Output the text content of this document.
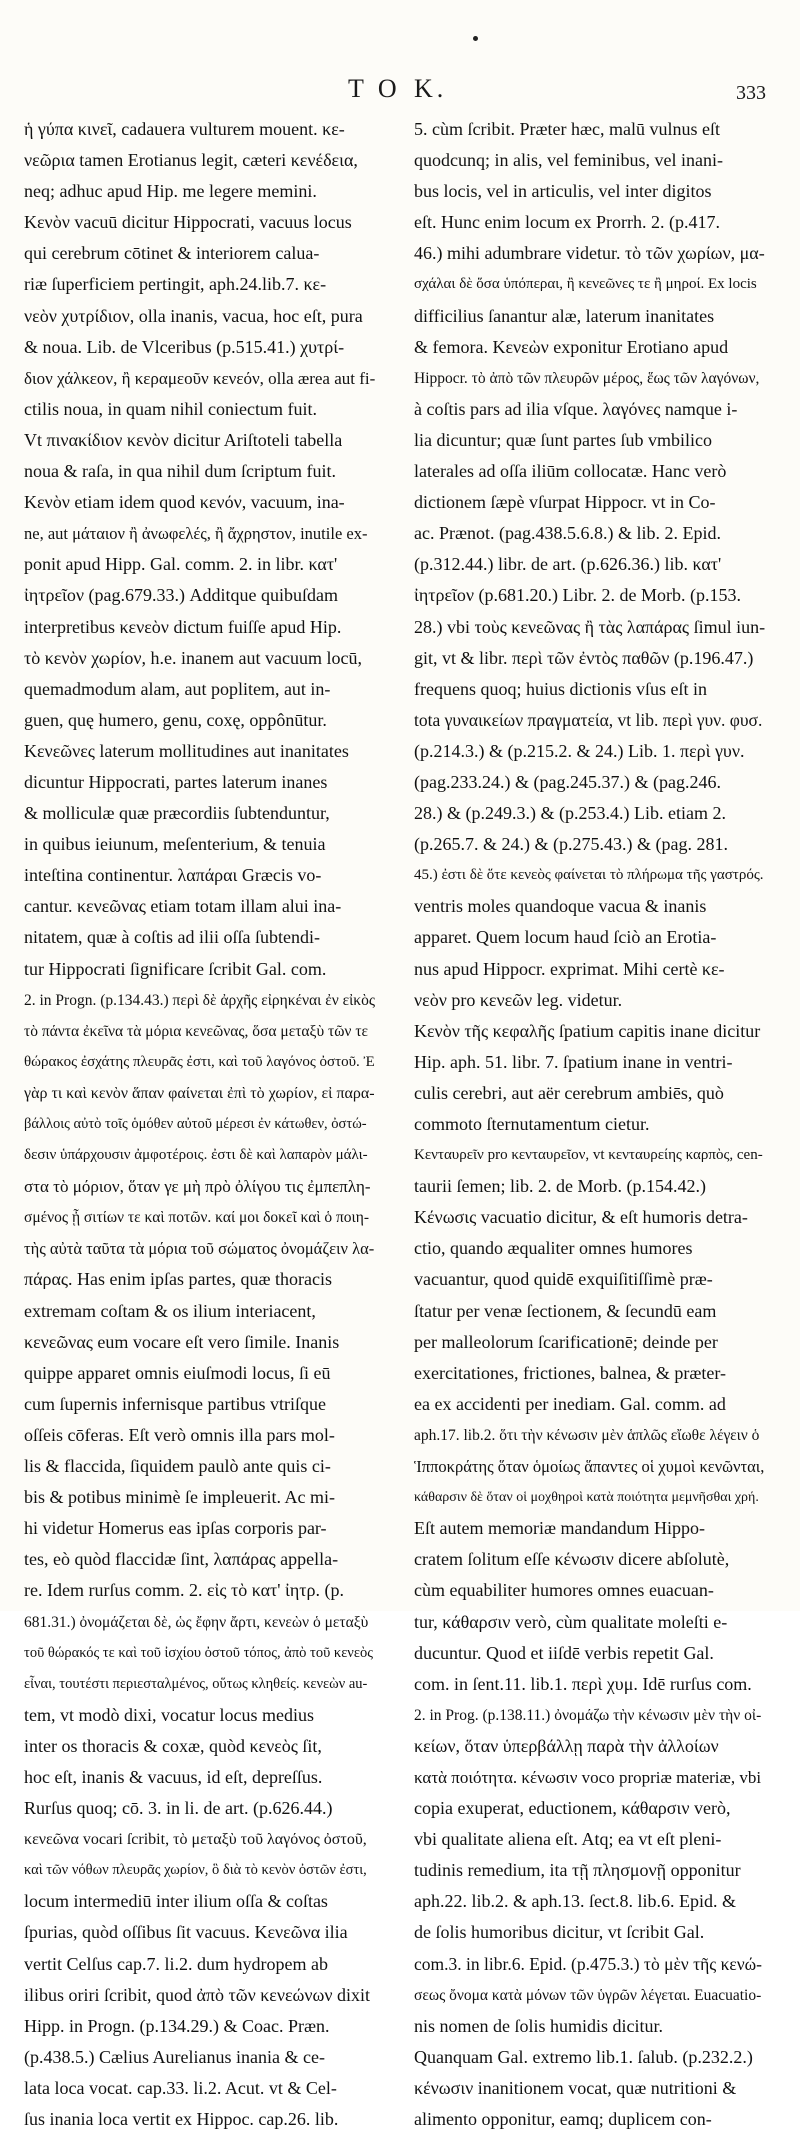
T O K.	333
ἡ γύπα κινεῖ, cadauera vulturem mouent. κε-
νεῶρια tamen Erotianus legit, cæteri κενέδεια,
neq; adhuc apud Hip. me legere memini.
Κενὸν vacuū dicitur Hippocrati, vacuus locus
qui cerebrum cōtinet & interiorem caluа-
riæ ſuperficiem pertingit, aph.24.lib.7. κε-
νεὸν χυτρίδιον, olla inanis, vacua, hoc eſt, pura
& noua. Lib. de Vlceribus (p.515.41.) χυτρί-
διον χάλκεον, ἢ κεραμεοῦν κενεόν, olla ærea aut fi-
ctilis noua, in quam nihil coniectum fuit.
Vt πινακίδιον κενὸν dicitur Ariſtoteli tabella
noua & raſa, in qua nihil dum ſcriptum fuit.
Κενὸν etiam idem quod κενόν, vacuum, ina-
ne, aut μάταιον ἢ ἀνωφελές, ἢ ἄχρηστον, inutile ex-
ponit apud Hipp. Gal. comm. 2. in libr. κατ'
ἰητρεῖον (pag.679.33.) Additque quibuſdam
interpretibus κενεὸν dictum fuiſſe apud Hip.
τὸ κενὸν χωρίον, h.e. inanem aut vacuum locū,
quemadmodum alam, aut poplitem, aut in-
guen, quę humero, genu, coxę, oppônūtur.
Κενεῶνες laterum mollitudines aut inanitates
dicuntur Hippocrati, partes laterum inanes
& molliculæ quæ præcordiis ſubtenduntur,
in quibus ieiunum, meſenterium, & tenuia
inteſtina continentur. λαπάραι Græcis vo-
cantur. κενεῶνας etiam totam illam alui ina-
nitatem, quæ à coſtis ad ilii oſſa ſubtendi-
tur Hippocrati ſignificare ſcribit Gal. com.
2. in Progn. (p.134.43.) περὶ δὲ ἀρχῆς εἰρηκέναι ἐν εἰκὸς
τὸ πάντα ἐκεῖνα τὰ μόρια κενεῶνας, ὅσα μεταξὺ τῶν τε
θώρακος ἐσχάτης πλευρᾶς ἐστι, καὶ τοῦ λαγόνος ὀστοῦ. Ἐ
γὰρ τι καὶ κενὸν ἅπαν φαίνεται ἐπὶ τὸ χωρίον, εἰ παρα-
βάλλοις αὐτὸ τοῖς ὁμόθεν αὐτοῦ μέρεσι ἐν κάτωθεν, ὀστώ-
δεσιν ὑπάρχουσιν ἀμφοτέροις. ἐστι δὲ καὶ λαπαρὸν μάλι-
στα τὸ μόριον, ὅταν γε μὴ πρὸ ὀλίγου τις ἐμπεπλη-
σμένος ᾖ σιτίων τε καὶ ποτῶν. καί μοι δοκεῖ καὶ ὁ ποιη-
τὴς αὐτὰ ταῦτα τὰ μόρια τοῦ σώματος ὀνομάζειν λα-
πάρας. Has enim ipſas partes, quæ thoracis
extremam coſtam & os ilium interiacent,
κενεῶνας eum vocare eſt vero ſimile. Inanis
quippe apparet omnis eiuſmodi locus, ſi eū
cum ſupernis infernisque partibus vtriſque
oſſeis cōferas. Eſt verò omnis illa pars mol-
lis & flaccida, ſiquidem paulò ante quis ci-
bis & potibus minimè ſe impleuerit. Ac mi-
hi videtur Homerus eas ipſas corporis par-
tes, eò quòd flaccidæ ſint, λαπάρας appella-
re. Idem rurſus comm. 2. εἰς τὸ κατ' ἰητρ. (p.
681.31.) ὀνομάζεται δὲ, ὡς ἔφην ἄρτι, κενεὼν ὁ μεταξὺ
τοῦ θώρακός τε καὶ τοῦ ἰσχίου ὀστοῦ τόπος, ἀπὸ τοῦ κενεὸς
εἶναι, τουτέστι περιεσταλμένος, οὕτως κληθείς. κενεὼν au-
tem, vt modò dixi, vocatur locus medius
inter os thoracis & coxæ, quòd κενεὸς ſit,
hoc eſt, inanis & vacuus, id eſt, depreſſus.
Rurſus quoq; cō. 3. in li. de art. (p.626.44.)
κενεῶνα vocari ſcribit, τὸ μεταξὺ τοῦ λαγόνος ὀστοῦ,
καὶ τῶν νόθων πλευρᾶς χωρίον, ὃ διὰ τὸ κενὸν ὀστῶν ἐστι,
locum intermediū inter ilium oſſa & coſtas
ſpurias, quòd oſſibus ſit vacuus. Κενεῶνα ilia
vertit Celſus cap.7. li.2. dum hydropem ab
ilibus oriri ſcribit, quod ἀπὸ τῶν κενεώνων dixit
Hipp. in Progn. (p.134.29.) & Coac. Præn.
(p.438.5.) Cælius Aurelianus inania & ce-
lata loca vocat. cap.33. li.2. Acut. vt & Cel-
ſus inania loca vertit ex Hippoc. cap.26. lib.
5. cùm ſcribit. Præter hæc, malū vulnus eſt
quodcunq; in alis, vel feminibus, vel inani-
bus locis, vel in articulis, vel inter digitos
eſt. Hunc enim locum ex Prorrh. 2. (p.417.
46.) mihi adumbrare videtur. τὸ τῶν χωρίων, μα-
σχάλαι δὲ ὅσα ὑπόπεραι, ἢ κενεῶνες τε ἢ μηροί. Ex locis
difficilius ſanantur alæ, laterum inanitates
& femora. Κενεὼν exponitur Erotiano apud
Hippocr. τὸ ἀπὸ τῶν πλευρῶν μέρος, ἕως τῶν λαγόνων,
à coſtis pars ad ilia vſque. λαγόνες namque i-
lia dicuntur; quæ ſunt partes ſub vmbilico
laterales ad oſſa iliūm collocatæ. Hanc verò
dictionem ſæpè vſurpat Hippocr. vt in Co-
ac. Prænot. (pag.438.5.6.8.) & lib. 2. Epid.
(p.312.44.) libr. de art. (p.626.36.) lib. κατ'
ἰητρεῖον (p.681.20.) Libr. 2. de Morb. (p.153.
28.) vbi τοὺς κενεῶνας ἢ τὰς λαπάρας ſimul iun-
git, vt & libr. περὶ τῶν ἐντὸς παθῶν (p.196.47.)
frequens quoq; huius dictionis vſus eſt in
tota γυναικείων πραγματεία, vt lib. περὶ γυν. φυσ.
(p.214.3.) & (p.215.2. & 24.) Lib. 1. περὶ γυν.
(pag.233.24.) & (pag.245.37.) & (pag.246.
28.) & (p.249.3.) & (p.253.4.) Lib. etiam 2.
(p.265.7. & 24.) & (p.275.43.) & (pag. 281.
45.) ἐστι δὲ ὅτε κενεὸς φαίνεται τὸ πλήρωμα τῆς γαστρός.
ventris moles quandoque vacua & inanis
apparet. Quem locum haud ſciò an Erotia-
nus apud Hippocr. exprimat. Mihi certè κε-
νεὸν pro κενεῶν leg. videtur.
Κενὸν τῆς κεφαλῆς ſpatium capitis inane dicitur
Hip. aph. 51. libr. 7. ſpatium inane in ventri-
culis cerebri, aut aër cerebrum ambiēs, quò
commoto ſternutamentum cietur.
Κενταυρεῖν pro κενταυρεῖον, vt κενταυρείης καρπὸς, cen-
taurii ſemen; lib. 2. de Morb. (p.154.42.)
Κένωσις vacuatio dicitur, & eſt humoris detra-
ctio, quando æqualiter omnes humores
vacuantur, quod quidē exquiſitiſſimè præ-
ſtatur per venæ ſectionem, & ſecundū eam
per malleolorum ſcarificationē; deinde per
exercitationes, frictiones, balnea, & præter-
ea ex accidenti per inediam. Gal. comm. ad
aph.17. lib.2. ὅτι τὴν κένωσιν μὲν ἁπλῶς εἴωθε λέγειν ὁ
Ἱπποκράτης ὅταν ὁμοίως ἅπαντες οἱ χυμοὶ κενῶνται,
κάθαρσιν δὲ ὅταν οἱ μοχθηροὶ κατὰ ποιότητα μεμνῆσθαι χρή.
Eſt autem memoriæ mandandum Hippo-
cratem ſolitum eſſe κένωσιν dicere abſolutè,
cùm equabiliter humores omnes euacuan-
tur, κάθαρσιν verò, cùm qualitate moleſti e-
ducuntur. Quod et iiſdē verbis repetit Gal.
com. in ſent.11. lib.1. περὶ χυμ. Idē rurſus com.
2. in Prog. (p.138.11.) ὀνομάζω τὴν κένωσιν μὲν τὴν οἰ-
κείων, ὅταν ὑπερβάλλῃ παρὰ τὴν ἀλλοίων
κατὰ ποιότητα. κένωσιν voco propriæ materiæ, vbi
copia exuperat, eductionem, κάθαρσιν verò,
vbi qualitate aliena eſt. Atq; ea vt eſt pleni-
tudinis remedium, ita τῇ πλησμονῇ opponitur
aph.22. lib.2. & aph.13. ſect.8. lib.6. Epid. &
de ſolis humoribus dicitur, vt ſcribit Gal.
com.3. in libr.6. Epid. (p.475.3.) τὸ μὲν τῆς κενώ-
σεως ὄνομα κατὰ μόνων τῶν ὑγρῶν λέγεται. Euacuatio-
nis nomen de ſolis humidis dicitur.
Quanquam Gal. extremo lib.1. ſalub. (p.232.2.)
κένωσιν inanitionem vocat, quæ nutritioni &
alimento opponitur, eamq; duplicem con-
